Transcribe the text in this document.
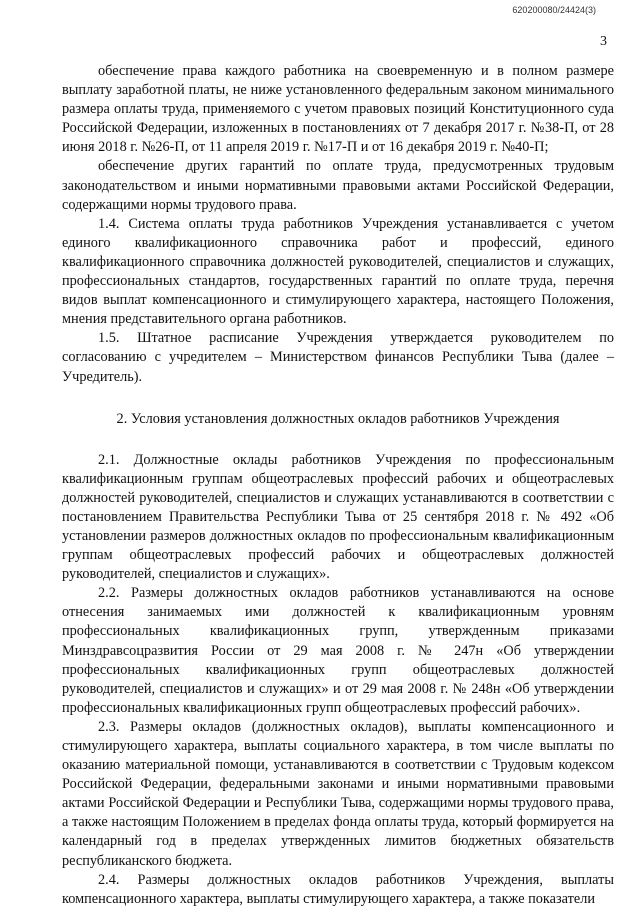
620200080/24424(3)
3

обеспечение права каждого работника на своевременную и в полном размере выплату заработной платы, не ниже установленного федеральным законом минимального размера оплаты труда, применяемого с учетом правовых позиций Конституционного суда Российской Федерации, изложенных в постановлениях от 7 декабря 2017 г. №38-П, от 28 июня 2018 г. №26-П, от 11 апреля 2019 г. №17-П и от 16 декабря 2019 г. №40-П;

обеспечение других гарантий по оплате труда, предусмотренных трудовым законодательством и иными нормативными правовыми актами Российской Федерации, содержащими нормы трудового права.

1.4. Система оплаты труда работников Учреждения устанавливается с учетом единого квалификационного справочника работ и профессий, единого квалификационного справочника должностей руководителей, специалистов и служащих, профессиональных стандартов, государственных гарантий по оплате труда, перечня видов выплат компенсационного и стимулирующего характера, настоящего Положения, мнения представительного органа работников.

1.5. Штатное расписание Учреждения утверждается руководителем по согласованию с учредителем – Министерством финансов Республики Тыва (далее – Учредитель).

2. Условия установления должностных окладов работников Учреждения

2.1. Должностные оклады работников Учреждения по профессиональным квалификационным группам общеотраслевых профессий рабочих и общеотраслевых должностей руководителей, специалистов и служащих устанавливаются в соответствии с постановлением Правительства Республики Тыва от 25 сентября 2018 г. № 492 «Об установлении размеров должностных окладов по профессиональным квалификационным группам общеотраслевых профессий рабочих и общеотраслевых должностей руководителей, специалистов и служащих».

2.2. Размеры должностных окладов работников устанавливаются на основе отнесения занимаемых ими должностей к квалификационным уровням профессиональных квалификационных групп, утвержденным приказами Минздравсоцразвития России от 29 мая 2008 г. № 247н «Об утверждении профессиональных квалификационных групп общеотраслевых должностей руководителей, специалистов и служащих» и от 29 мая 2008 г. № 248н «Об утверждении профессиональных квалификационных групп общеотраслевых профессий рабочих».

2.3. Размеры окладов (должностных окладов), выплаты компенсационного и стимулирующего характера, выплаты социального характера, в том числе выплаты по оказанию материальной помощи, устанавливаются в соответствии с Трудовым кодексом Российской Федерации, федеральными законами и иными нормативными правовыми актами Российской Федерации и Республики Тыва, содержащими нормы трудового права, а также настоящим Положением в пределах фонда оплаты труда, который формируется на календарный год в пределах утвержденных лимитов бюджетных обязательств республиканского бюджета.

2.4. Размеры должностных окладов работников Учреждения, выплаты компенсационного характера, выплаты стимулирующего характера, а также показатели
